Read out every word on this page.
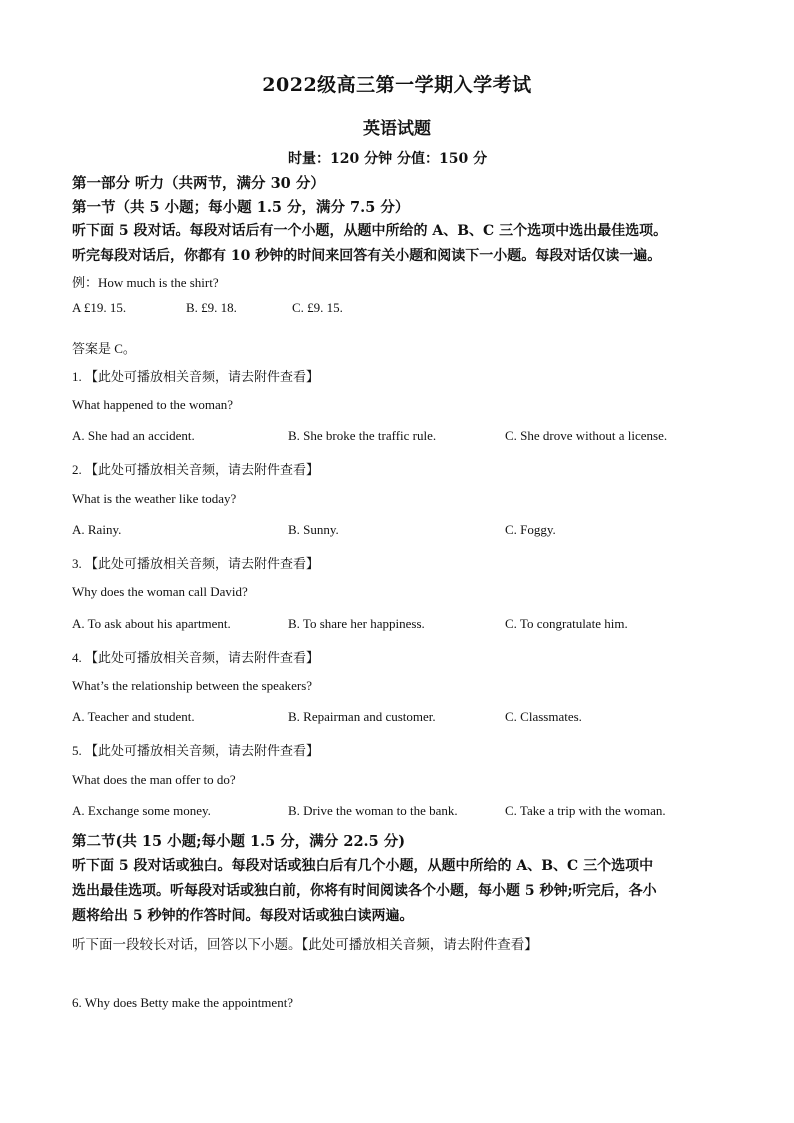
2022级高三第一学期入学考试
英语试题
时量：120 分钟 分值：150 分
第一部分 听力（共两节，满分 30 分）
第一节（共 5 小题；每小题 1.5 分，满分 7.5 分）
听下面 5 段对话。每段对话后有一个小题，从题中所给的 A、B、C 三个选项中选出最佳选项。
听完每段对话后，你都有 10 秒钟的时间来回答有关小题和阅读下一小题。每段对话仅读一遍。
例：How much is the shirt?
A £19. 15.	B. £9. 18.	C. £9. 15.
答案是 C。
1. 【此处可播放相关音频，请去附件查看】
What happened to the woman?
A. She had an accident.	B. She broke the traffic rule.	C. She drove without a license.
2. 【此处可播放相关音频，请去附件查看】
What is the weather like today?
A. Rainy.	B. Sunny.	C. Foggy.
3. 【此处可播放相关音频，请去附件查看】
Why does the woman call David?
A. To ask about his apartment.	B. To share her happiness.	C. To congratulate him.
4. 【此处可播放相关音频，请去附件查看】
What’s the relationship between the speakers?
A. Teacher and student.	B. Repairman and customer.	C. Classmates.
5. 【此处可播放相关音频，请去附件查看】
What does the man offer to do?
A. Exchange some money.	B. Drive the woman to the bank.	C. Take a trip with the woman.
第二节(共 15 小题;每小题 1.5 分，满分 22.5 分)
听下面 5 段对话或独白。每段对话或独白后有几个小题，从题中所给的 A、B、C 三个选项中
选出最佳选项。听每段对话或独白前，你将有时间阅读各个小题，每小题 5 秒钟;听完后，各小
题将给出 5 秒钟的作答时间。每段对话或独白读两遍。
听下面一段较长对话，回答以下小题。【此处可播放相关音频，请去附件查看】
6. Why does Betty make the appointment?
